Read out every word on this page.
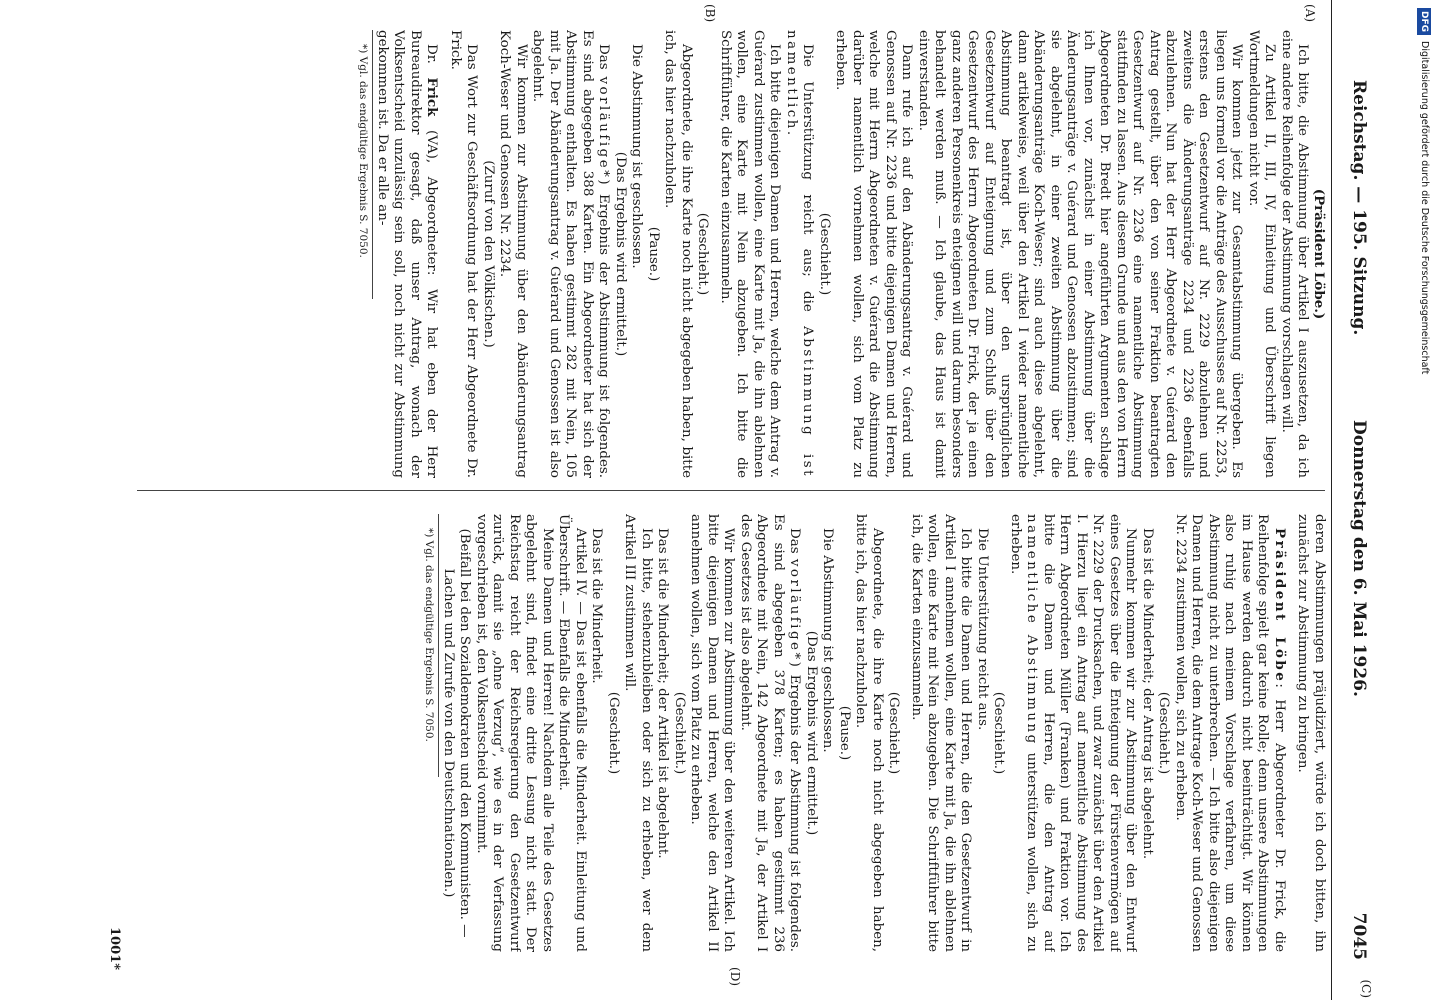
Reichstag. — 195. Sitzung.
Donnerstag den 6. Mai 1926.
7045
(C)
(A)
(B)
(D)

(Präsident Löbe.)

Ich bitte, die Abstimmung über Artikel I auszusetzen, da ich eine andere Reihenfolge der Abstimmung vorschlagen will.

Zu Artikel II, III, IV, Einleitung und Überschrift liegen Wortmeldungen nicht vor.

Wir kommen jetzt zur Gesamtabstimmung übergeben. Es liegen uns formell vor die Anträge des Ausschusses auf Nr. 2253, erstens den Gesetzentwurf auf Nr. 2229 abzulehnen und zweitens die Änderungsanträge 2234 und 2236 ebenfalls abzulehnen. Nun hat der Herr Abgeordnete v. Guérard den Antrag gestellt, über den von seiner Fraktion beantragten Gesetzentwurf auf Nr. 2236 eine namentliche Abstimmung stattfinden zu lassen. Aus diesem Grunde und aus den von Herrn Abgeordneten Dr. Bredt hier angeführten Argumenten schlage ich Ihnen vor, zunächst in einer Abstimmung über die Änderungsanträge v. Guérard und Genossen abzustimmen; sind sie abgelehnt, in einer zweiten Abstimmung über die Abänderungsanträge Koch-Weser; sind auch diese abgelehnt, dann artikelweise, weil über den Artikel I wieder namentliche Abstimmung beantragt ist, über den ursprünglichen Gesetzentwurf auf Enteignung und zum Schluß über den Gesetzentwurf des Herrn Abgeordneten Dr. Frick, der ja einen ganz anderen Personenkreis enteignen will und darum besonders behandelt werden muß. — Ich glaube, das Haus ist damit einverstanden.

Dann rufe ich auf den Abänderungsantrag v. Guérard und Genossen auf Nr. 2236 und bitte diejenigen Damen und Herren, welche mit Herrn Abgeordneten v. Guérard die Abstimmung darüber namentlich vornehmen wollen, sich vom Platz zu erheben.

(Geschieht.)

Die Unterstützung reicht aus; die Abstimmung ist namentlich.

Ich bitte diejenigen Damen und Herren, welche dem Antrag v. Guérard zustimmen wollen, eine Karte mit Ja, die ihn ablehnen wollen, eine Karte mit Nein abzugeben. Ich bitte die Schriftführer, die Karten einzusammeln.

(Geschieht.)

Abgeordnete, die ihre Karte noch nicht abgegeben haben, bitte ich, das hier nachzuholen.

(Pause.)

Die Abstimmung ist geschlossen.

(Das Ergebnis wird ermittelt.)

Das vorläufige*) Ergebnis der Abstimmung ist folgendes. Es sind abgegeben 388 Karten. Ein Abgeordneter hat sich der Abstimmung enthalten. Es haben gestimmt 282 mit Nein, 105 mit Ja. Der Abänderungsantrag v. Guérard und Genossen ist also abgelehnt.

Wir kommen zur Abstimmung über den Abänderungsantrag Koch-Weser und Genossen Nr. 2234.

(Zuruf von den Völkischen.)

Das Wort zur Geschäftsordnung hat der Herr Abgeordnete Dr. Frick.

Dr. Frick (VA), Abgeordneter: Wir hat eben der Herr Bureaudirektor gesagt, daß unser Antrag, wonach der Volksentscheid unzulässig sein soll, noch nicht zur Abstimmung gekommen ist. Da er alle an-

*) Vgl. das endgültige Ergebnis S. 7050.

deren Abstimmungen präjudiziert, würde ich doch bitten, ihn zunächst zur Abstimmung zu bringen.

Präsident Löbe: Herr Abgeordneter Dr. Frick, die Reihenfolge spielt gar keine Rolle; denn unsere Abstimmungen im Hause werden dadurch nicht beeinträchtigt. Wir können also ruhig nach meinem Vorschlage verfahren, um diese Abstimmung nicht zu unterbrechen. — Ich bitte also diejenigen Damen und Herren, die dem Antrage Koch-Weser und Genossen Nr. 2234 zustimmen wollen, sich zu erheben.

(Geschieht.)

Das ist die Minderheit; der Antrag ist abgelehnt.

Nunmehr kommen wir zur Abstimmung über den Entwurf eines Gesetzes über die Enteignung der Fürstenvermögen auf Nr. 2229 der Drucksachen, und zwar zunächst über den Artikel I. Hierzu liegt ein Antrag auf namentliche Abstimmung des Herrn Abgeordneten Müller (Franken) und Fraktion vor. Ich bitte die Damen und Herren, die den Antrag auf namentliche Abstimmung unterstützen wollen, sich zu erheben.

(Geschieht.)

Die Unterstützung reicht aus.

Ich bitte die Damen und Herren, die den Gesetzentwurf in Artikel I annehmen wollen, eine Karte mit Ja, die ihn ablehnen wollen, eine Karte mit Nein abzugeben. Die Schriftführer bitte ich, die Karten einzusammeln.

(Geschieht.)

Abgeordnete, die ihre Karte noch nicht abgegeben haben, bitte ich, das hier nachzuholen.

(Pause.)

Die Abstimmung ist geschlossen.

(Das Ergebnis wird ermittelt.)

Das vorläufige*) Ergebnis der Abstimmung ist folgendes. Es sind abgegeben 378 Karten; es haben gestimmt 236 Abgeordnete mit Nein, 142 Abgeordnete mit Ja, der Artikel I des Gesetzes ist also abgelehnt.

Wir kommen zur Abstimmung über den weiteren Artikel. Ich bitte diejenigen Damen und Herren, welche den Artikel II annehmen wollen, sich vom Platz zu erheben.

(Geschieht.)

Das ist die Minderheit; der Artikel ist abgelehnt.

Ich bitte, stehenzubleiben oder sich zu erheben, wer dem Artikel III zustimmen will.

(Geschieht.)

Das ist die Minderheit.

Artikel IV. — Das ist ebenfalls die Minderheit. Einleitung und Überschrift. — Ebenfalls die Minderheit.

Meine Damen und Herren! Nachdem alle Teile des Gesetzes abgelehnt sind, findet eine dritte Lesung nicht statt. Der Reichstag reicht der Reichsregierung den Gesetzentwurf zurück, damit sie „ohne Verzug“, wie es in der Verfassung vorgeschrieben ist, den Volksentscheid vornimmt.

(Beifall bei den Sozialdemokraten und den Kommunisten. — Lachen und Zurufe von den Deutschnationalen.)

*) Vgl. das endgültige Ergebnis S. 7050.

1001*
DFGDigitalisierung gefördert durch die Deutsche Forschungsgemeinschaft
